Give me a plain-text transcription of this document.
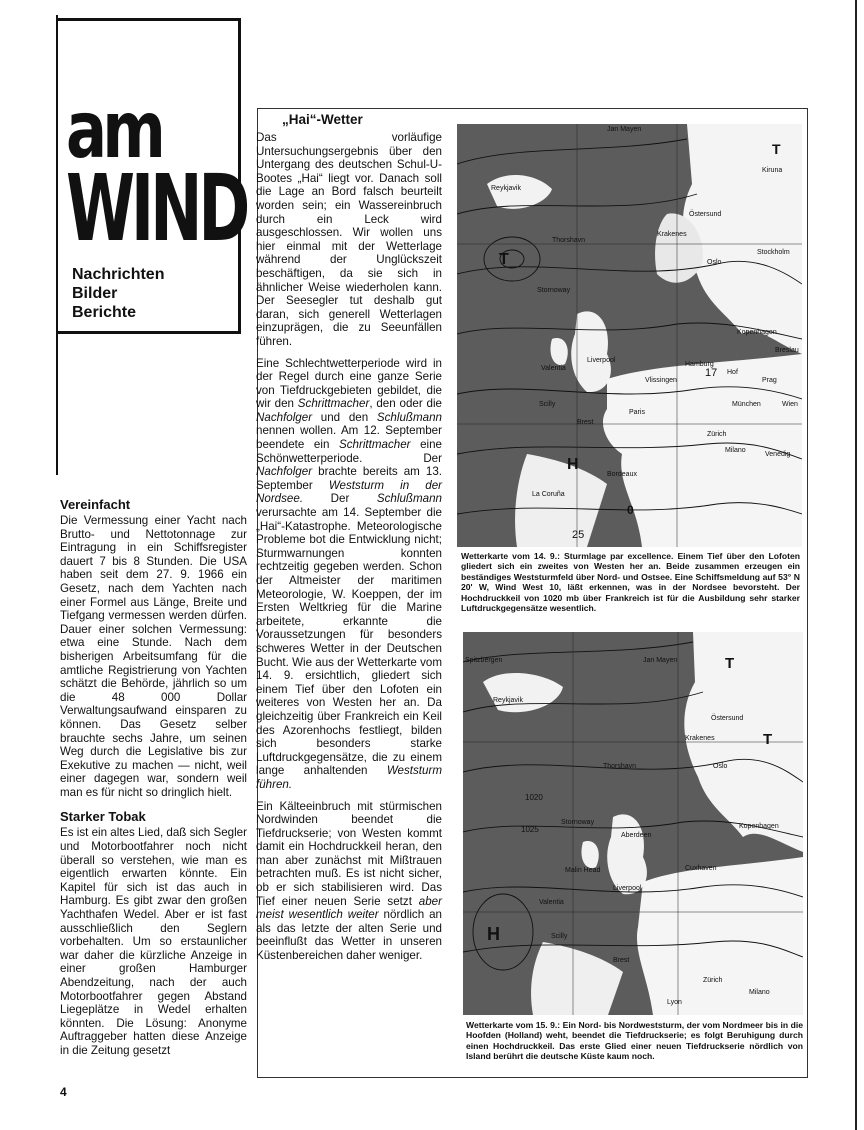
am
WIND
Nachrichten
Bilder
Berichte
Vereinfacht

Die Vermessung einer Yacht nach Brutto- und Nettotonnage zur Eintragung in ein Schiffsregister dauert 7 bis 8 Stunden. Die USA haben seit dem 27. 9. 1966 ein Gesetz, nach dem Yachten nach einer Formel aus Länge, Breite und Tiefgang vermessen werden dürfen. Dauer einer solchen Vermessung: etwa eine Stunde. Nach dem bisherigen Arbeitsumfang für die amtliche Registrierung von Yachten schätzt die Behörde, jährlich so um die 48 000 Dollar Verwaltungsaufwand einsparen zu können. Das Gesetz selber brauchte sechs Jahre, um seinen Weg durch die Legislative bis zur Exekutive zu machen — nicht, weil einer dagegen war, sondern weil man es für nicht so dringlich hielt.

Starker Tobak

Es ist ein altes Lied, daß sich Segler und Motorbootfahrer noch nicht überall so verstehen, wie man es eigentlich erwarten könnte. Ein Kapitel für sich ist das auch in Hamburg. Es gibt zwar den großen Yachthafen Wedel. Aber er ist fast ausschließlich den Seglern vorbehalten. Um so erstaunlicher war daher die kürzliche Anzeige in einer großen Hamburger Abendzeitung, nach der auch Motorbootfahrer gegen Abstand Liegeplätze in Wedel erhalten könnten. Die Lösung: Anonyme Auftraggeber hatten diese Anzeige in die Zeitung gesetzt

„Hai“-Wetter

Das vorläufige Untersuchungsergebnis über den Untergang des deutschen Schul-U-Bootes „Hai“ liegt vor. Danach soll die Lage an Bord falsch beurteilt worden sein; ein Wassereinbruch durch ein Leck wird ausgeschlossen. Wir wollen uns hier einmal mit der Wetterlage während der Unglückszeit beschäftigen, da sie sich in ähnlicher Weise wiederholen kann. Der Seesegler tut deshalb gut daran, sich generell Wetterlagen einzuprägen, die zu Seeunfällen führen.

Eine Schlechtwetterperiode wird in der Regel durch eine ganze Serie von Tiefdruckgebieten gebildet, die wir den Schrittmacher, den oder die Nachfolger und den Schlußmann nennen wollen. Am 12. September beendete ein Schrittmacher eine Schönwetterperiode. Der Nachfolger brachte bereits am 13. September Weststurm in der Nordsee. Der Schlußmann verursachte am 14. September die „Hai“-Katastrophe. Meteorologische Probleme bot die Entwicklung nicht; Sturmwarnungen konnten rechtzeitig gegeben werden. Schon der Altmeister der maritimen Meteorologie, W. Koeppen, der im Ersten Weltkrieg für die Marine arbeitete, erkannte die Voraussetzungen für besonders schweres Wetter in der Deutschen Bucht. Wie aus der Wetterkarte vom 14. 9. ersichtlich, gliedert sich einem Tief über den Lofoten ein weiteres von Westen her an. Da gleichzeitig über Frankreich ein Keil des Azorenhochs festliegt, bilden sich besonders starke Luftdruckgegensätze, die zu einem lange anhaltenden Weststurm führen.

Ein Kälteeinbruch mit stürmischen Nordwinden beendet die Tiefdruckserie; von Westen kommt damit ein Hochdruckkeil heran, den man aber zunächst mit Mißtrauen betrachten muß. Es ist nicht sicher, ob er sich stabilisieren wird. Das Tief einer neuen Serie setzt aber meist wesentlich weiter nördlich an als das letzte der alten Serie und beeinflußt das Wetter in unseren Küstenbereichen daher weniger.

Jan Mayen
Reykjavik
Thorshavn
Stornoway
Valentia
Liverpool
Hamburg
Vlissingen
Hof
München
Stockholm
Oslo
Kopenhagen
Kiruna
Östersund
Krakenes
Scilly
Brest
Paris
Zürich
Milano
Venedig
Bordeaux
La Coruña
Breslau
Prag
Wien
T
H
T
0
25
17
Wetterkarte vom 14. 9.: Sturmlage par excellence. Einem Tief über den Lofoten gliedert sich ein zweites von Westen her an. Beide zusammen erzeugen ein beständiges Weststurmfeld über Nord- und Ostsee. Eine Schiffsmeldung auf 53° N 20' W, Wind West 10, läßt erkennen, was in der Nordsee bevorsteht. Der Hochdruckkeil von 1020 mb über Frankreich ist für die Ausbildung sehr starker Luftdruckgegensätze wesentlich.
Spitzbergen	Jan Mayen
Reykjavik
Thorshavn
Stornoway
Aberdeen
Malin Head
Valentia
Liverpool
Scilly
Brest
Cuxhaven
Oslo
Östersund
Krakenes
Kopenhagen
Zürich
Milano
Lyon
H
T
T
1020
1025
Wetterkarte vom 15. 9.: Ein Nord- bis Nordweststurm, der vom Nordmeer bis in die Hoofden (Holland) weht, beendet die Tiefdruckserie; es folgt Beruhigung durch einen Hochdruckkeil. Das erste Glied einer neuen Tiefdruckserie nördlich von Island berührt die deutsche Küste kaum noch.
4
